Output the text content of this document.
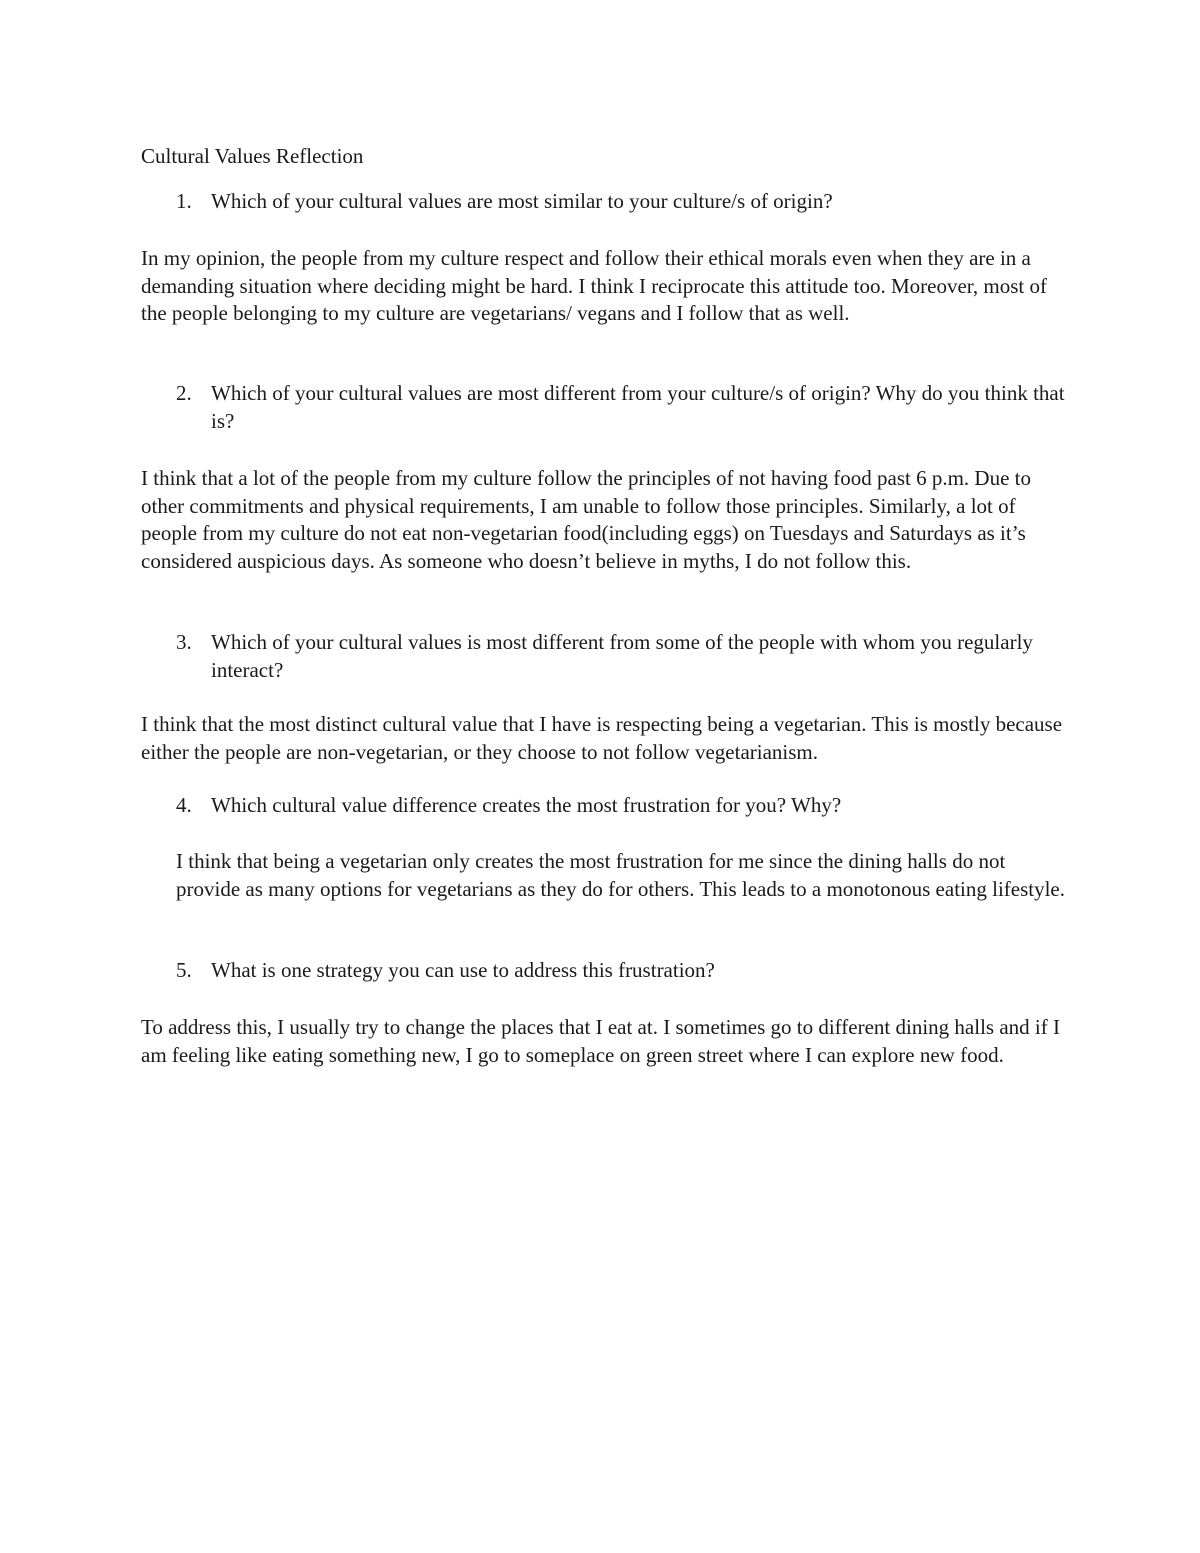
Cultural Values Reflection

1. Which of your cultural values are most similar to your culture/s of origin?

In my opinion, the people from my culture respect and follow their ethical morals even when they are in a demanding situation where deciding might be hard. I think I reciprocate this attitude too. Moreover, most of the people belonging to my culture are vegetarians/ vegans and I follow that as well.

2. Which of your cultural values are most different from your culture/s of origin? Why do you think that is?

I think that a lot of the people from my culture follow the principles of not having food past 6 p.m. Due to other commitments and physical requirements, I am unable to follow those principles. Similarly, a lot of people from my culture do not eat non-vegetarian food(including eggs) on Tuesdays and Saturdays as it’s considered auspicious days. As someone who doesn’t believe in myths, I do not follow this.

3. Which of your cultural values is most different from some of the people with whom you regularly interact?

I think that the most distinct cultural value that I have is respecting being a vegetarian. This is mostly because either the people are non-vegetarian, or they choose to not follow vegetarianism.

4. Which cultural value difference creates the most frustration for you? Why?

I think that being a vegetarian only creates the most frustration for me since the dining halls do not provide as many options for vegetarians as they do for others. This leads to a monotonous eating lifestyle.

5. What is one strategy you can use to address this frustration?

To address this, I usually try to change the places that I eat at. I sometimes go to different dining halls and if I am feeling like eating something new, I go to someplace on green street where I can explore new food.
